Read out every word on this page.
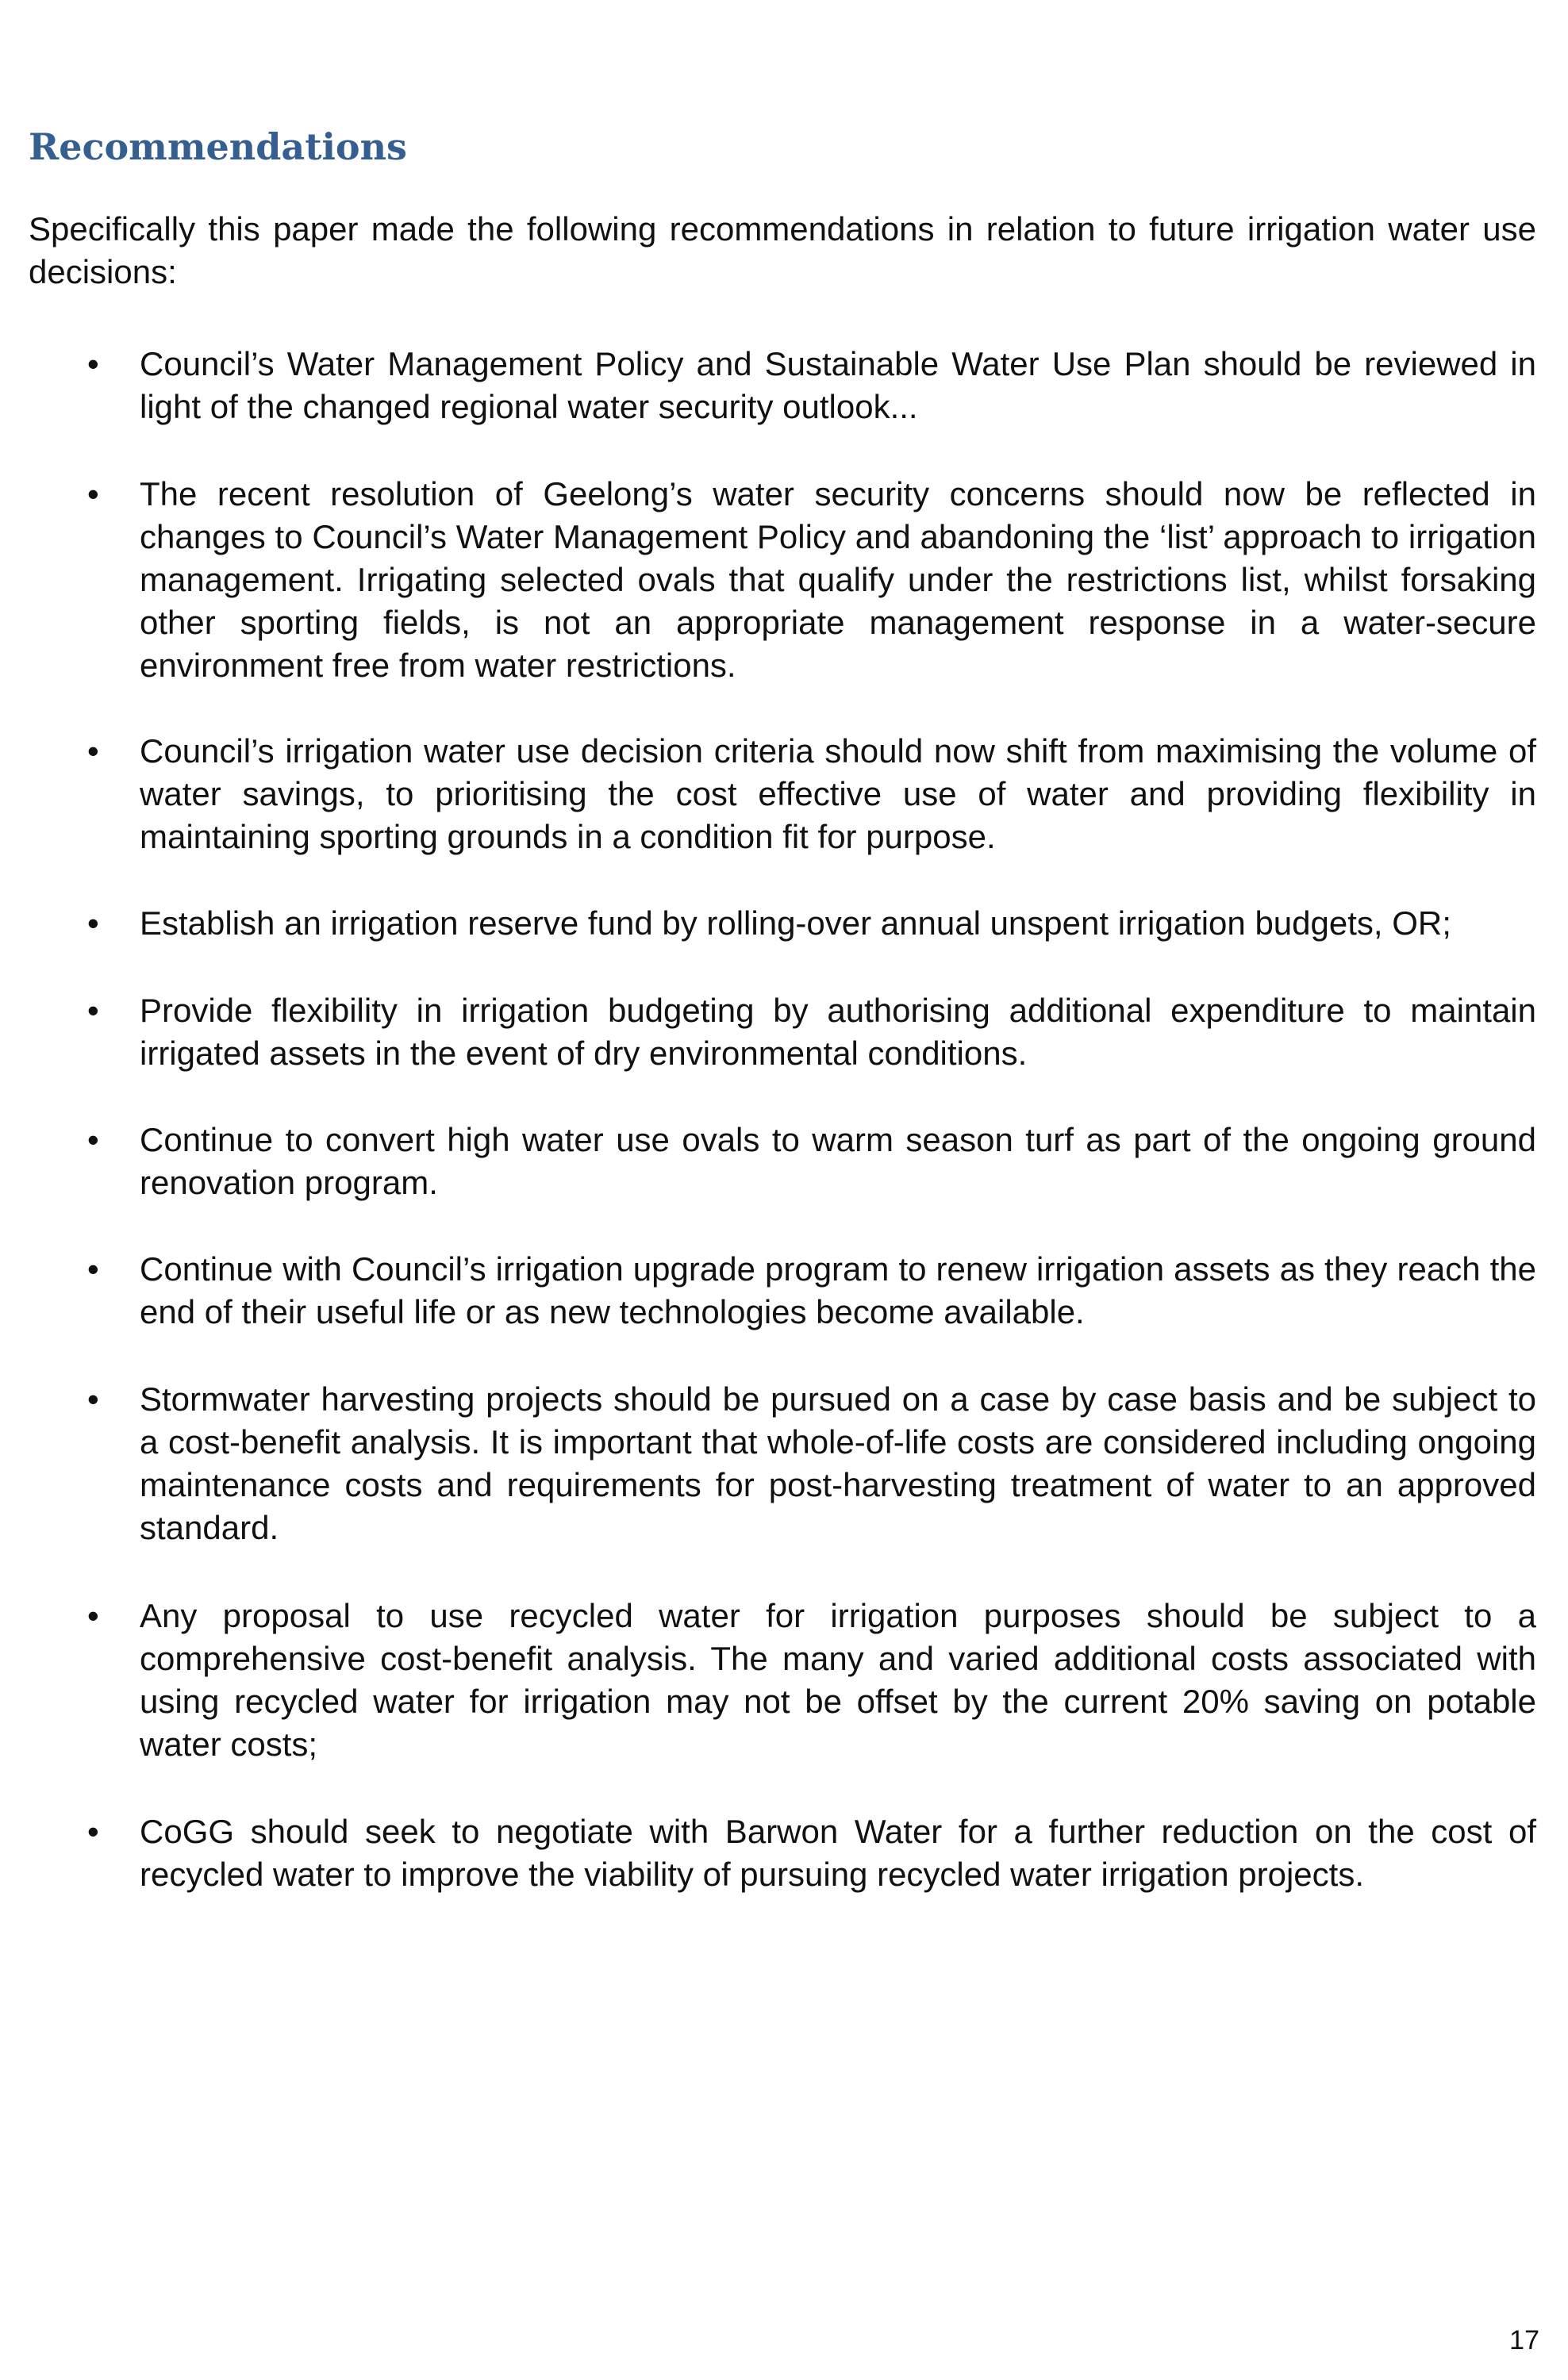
Recommendations

Specifically this paper made the following recommendations in relation to future irrigation water use decisions:

• Council’s Water Management Policy and Sustainable Water Use Plan should be reviewed in light of the changed regional water security outlook...

• The recent resolution of Geelong’s water security concerns should now be reflected in changes to Council’s Water Management Policy and abandoning the ‘list’ approach to irrigation management. Irrigating selected ovals that qualify under the restrictions list, whilst forsaking other sporting fields, is not an appropriate management response in a water-secure environment free from water restrictions.

• Council’s irrigation water use decision criteria should now shift from maximising the volume of water savings, to prioritising the cost effective use of water and providing flexibility in maintaining sporting grounds in a condition fit for purpose.

• Establish an irrigation reserve fund by rolling-over annual unspent irrigation budgets, OR;

• Provide flexibility in irrigation budgeting by authorising additional expenditure to maintain irrigated assets in the event of dry environmental conditions.

• Continue to convert high water use ovals to warm season turf as part of the ongoing ground renovation program.

• Continue with Council’s irrigation upgrade program to renew irrigation assets as they reach the end of their useful life or as new technologies become available.

• Stormwater harvesting projects should be pursued on a case by case basis and be subject to a cost-benefit analysis. It is important that whole-of-life costs are considered including ongoing maintenance costs and requirements for post-harvesting treatment of water to an approved standard.

• Any proposal to use recycled water for irrigation purposes should be subject to a comprehensive cost-benefit analysis. The many and varied additional costs associated with using recycled water for irrigation may not be offset by the current 20% saving on potable water costs;

• CoGG should seek to negotiate with Barwon Water for a further reduction on the cost of recycled water to improve the viability of pursuing recycled water irrigation projects.

17
